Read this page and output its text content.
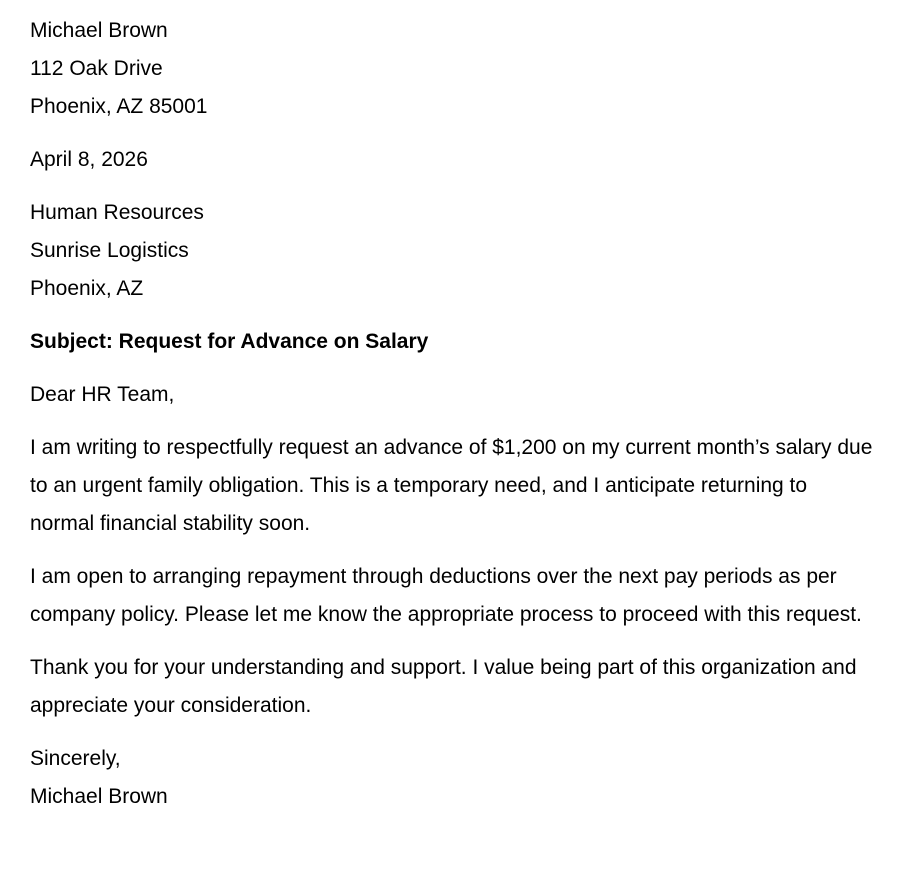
Michael Brown
112 Oak Drive
Phoenix, AZ 85001
April 8, 2026
Human Resources
Sunrise Logistics
Phoenix, AZ
Subject: Request for Advance on Salary
Dear HR Team,
I am writing to respectfully request an advance of $1,200 on my current month’s salary due to an urgent family obligation. This is a temporary need, and I anticipate returning to normal financial stability soon.
I am open to arranging repayment through deductions over the next pay periods as per company policy. Please let me know the appropriate process to proceed with this request.
Thank you for your understanding and support. I value being part of this organization and appreciate your consideration.
Sincerely,
Michael Brown
